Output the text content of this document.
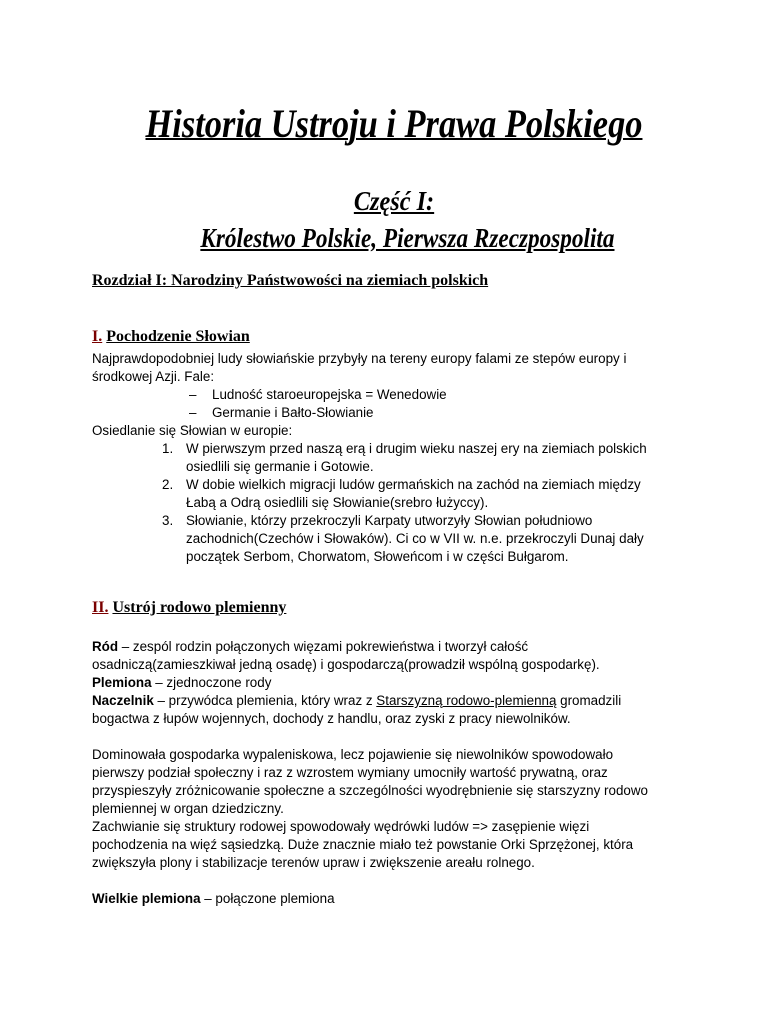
Historia Ustroju i Prawa Polskiego
Część I:
Królestwo Polskie, Pierwsza Rzeczpospolita
Rozdział I: Narodziny Państwowości na ziemiach polskich
I. Pochodzenie Słowian
Najprawdopodobniej ludy słowiańskie przybyły na tereny europy falami ze stepów europy i
środkowej Azji. Fale:
– Ludność staroeuropejska = Wenedowie
– Germanie i Bałto-Słowianie
Osiedlanie się Słowian w europie:
1. W pierwszym przed naszą erą i drugim wieku naszej ery na ziemiach polskich
osiedlili się germanie i Gotowie.
2. W dobie wielkich migracji ludów germańskich na zachód na ziemiach między
Łabą a Odrą osiedlili się Słowianie(srebro łużyccy).
3. Słowianie, którzy przekroczyli Karpaty utworzyły Słowian południowo
zachodnich(Czechów i Słowaków). Ci co w VII w. n.e. przekroczyli Dunaj dały
początek Serbom, Chorwatom, Słoweńcom i w części Bułgarom.
II. Ustrój rodowo plemienny
Ród – zespól rodzin połączonych więzami pokrewieństwa i tworzył całość
osadniczą(zamieszkiwał jedną osadę) i gospodarczą(prowadził wspólną gospodarkę).
Plemiona – zjednoczone rody
Naczelnik – przywódca plemienia, który wraz z Starszyzną rodowo-plemienną gromadzili
bogactwa z łupów wojennych, dochody z handlu, oraz zyski z pracy niewolników.
Dominowała gospodarka wypaleniskowa, lecz pojawienie się niewolników spowodowało
pierwszy podział społeczny i raz z wzrostem wymiany umocniły wartość prywatną, oraz
przyspieszyły zróżnicowanie społeczne a szczególności wyodrębnienie się starszyzny rodowo
plemiennej w organ dziedziczny.
Zachwianie się struktury rodowej spowodowały wędrówki ludów => zasępienie więzi
pochodzenia na więź sąsiedzką. Duże znacznie miało też powstanie Orki Sprzężonej, która
zwiększyła plony i stabilizacje terenów upraw i zwiększenie areału rolnego.
Wielkie plemiona – połączone plemiona
